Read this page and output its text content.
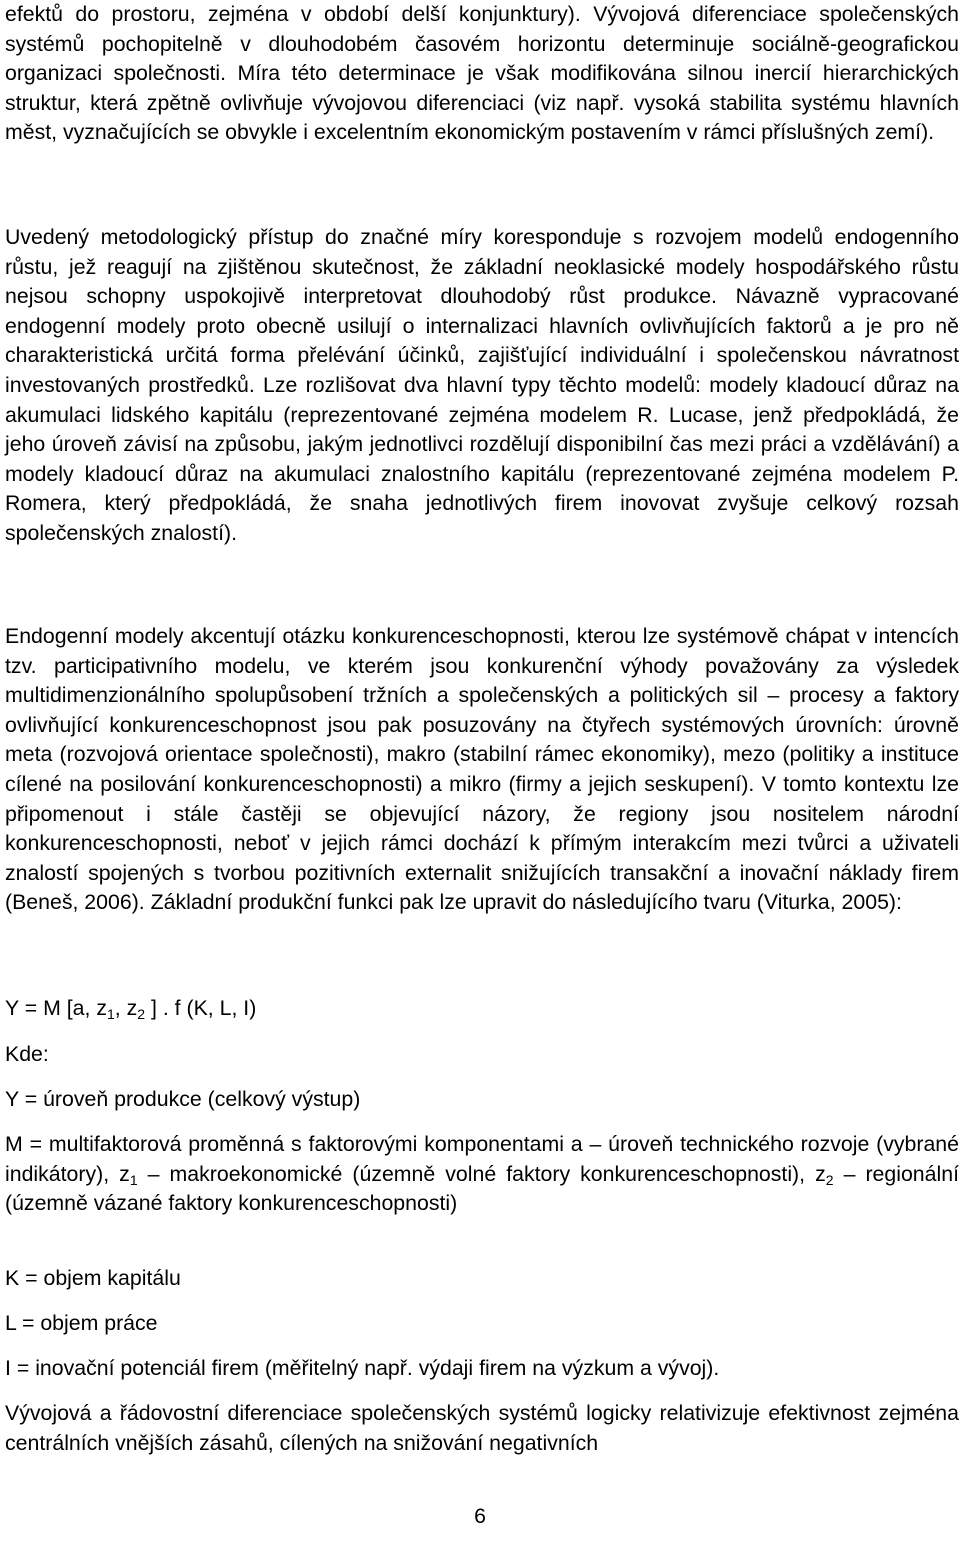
efektů do prostoru, zejména v období delší konjunktury). Vývojová diferenciace společenských systémů pochopitelně v dlouhodobém časovém horizontu determinuje sociálně-geografickou organizaci společnosti. Míra této determinace je však modifikována silnou inercií hierarchických struktur, která zpětně ovlivňuje vývojovou diferenciaci (viz např. vysoká stabilita systému hlavních měst, vyznačujících se obvykle i excelentním ekonomickým postavením v rámci příslušných zemí).

Uvedený metodologický přístup do značné míry koresponduje s rozvojem modelů endogenního růstu, jež reagují na zjištěnou skutečnost, že základní neoklasické modely hospodářského růstu nejsou schopny uspokojivě interpretovat dlouhodobý růst produkce. Návazně vypracované endogenní modely proto obecně usilují o internalizaci hlavních ovlivňujících faktorů a je pro ně charakteristická určitá forma přelévání účinků, zajišťující individuální i společenskou návratnost investovaných prostředků. Lze rozlišovat dva hlavní typy těchto modelů: modely kladoucí důraz na akumulaci lidského kapitálu (reprezentované zejména modelem R. Lucase, jenž předpokládá, že jeho úroveň závisí na způsobu, jakým jednotlivci rozdělují disponibilní čas mezi práci a vzdělávání) a modely kladoucí důraz na akumulaci znalostního kapitálu (reprezentované zejména modelem P. Romera, který předpokládá, že snaha jednotlivých firem inovovat zvyšuje celkový rozsah společenských znalostí).

Endogenní modely akcentují otázku konkurenceschopnosti, kterou lze systémově chápat v intencích tzv. participativního modelu, ve kterém jsou konkurenční výhody považovány za výsledek multidimenzionálního spolupůsobení tržních a společenských a politických sil – procesy a faktory ovlivňující konkurenceschopnost jsou pak posuzovány na čtyřech systémových úrovních: úrovně meta (rozvojová orientace společnosti), makro (stabilní rámec ekonomiky), mezo (politiky a instituce cílené na posilování konkurenceschopnosti) a mikro (firmy a jejich seskupení). V tomto kontextu lze připomenout i stále častěji se objevující názory, že regiony jsou nositelem národní konkurenceschopnosti, neboť v jejich rámci dochází k přímým interakcím mezi tvůrci a uživateli znalostí spojených s tvorbou pozitivních externalit snižujících transakční a inovační náklady firem (Beneš, 2006). Základní produkční funkci pak lze upravit do následujícího tvaru (Viturka, 2005):

Y = M [a, $z_1$, $z_2$ ] . f (K, L, I)

Kde:

Y = úroveň produkce (celkový výstup)

M = multifaktorová proměnná s faktorovými komponentami a – úroveň technického rozvoje (vybrané indikátory), $z_1$ – makroekonomické (územně volné faktory konkurenceschopnosti), $z_2$ – regionální (územně vázané faktory konkurenceschopnosti)

K = objem kapitálu

L = objem práce

I = inovační potenciál firem (měřitelný např. výdaji firem na výzkum a vývoj).

Vývojová a řádovostní diferenciace společenských systémů logicky relativizuje efektivnost zejména centrálních vnějších zásahů, cílených na snižování negativních

6
